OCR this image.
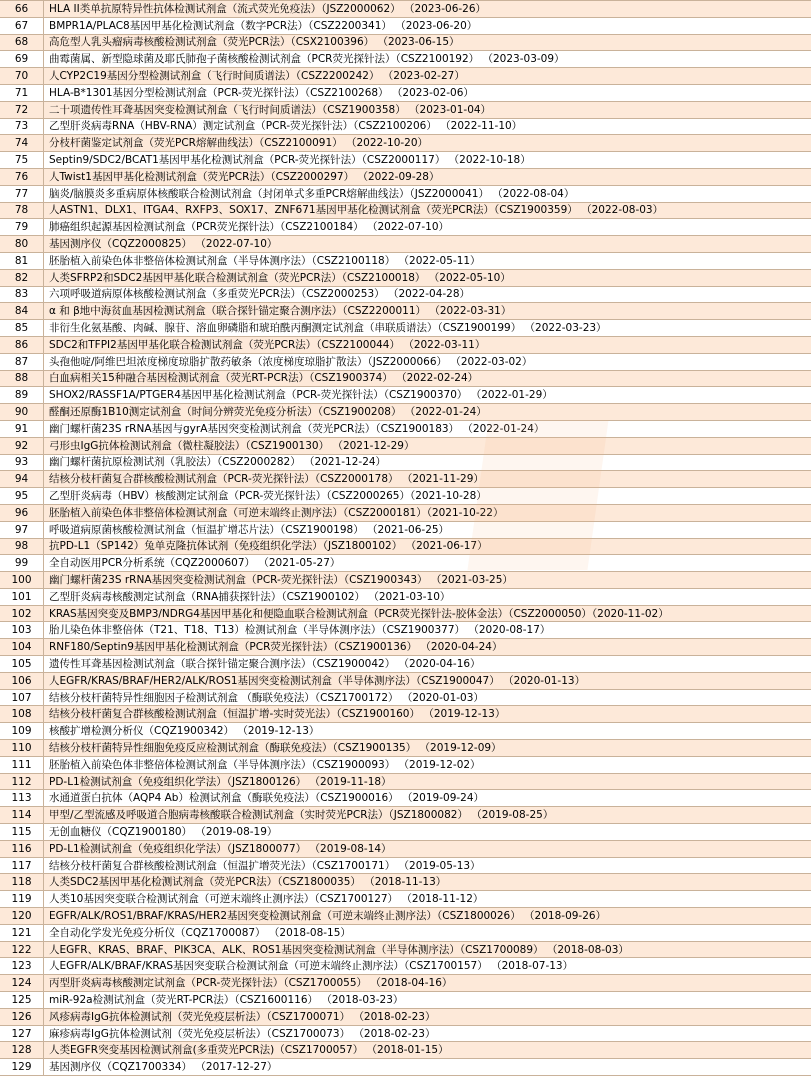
66	HLA II类单抗原特异性抗体检测试剂盒（流式荧光免疫法）（JSZ2000062） （2023-06-26）
67	BMPR1A/PLAC8基因甲基化检测试剂盒（数字PCR法）（CSZ2200341） （2023-06-20）
68	高危型人乳头瘤病毒核酸检测试剂盒（荧光PCR法）（CSX2100396） （2023-06-15）
69	曲霉菌属、新型隐球菌及耶氏肺孢子菌核酸检测试剂盒（PCR荧光探针法）（CSZ2100192） （2023-03-09）
70	人CYP2C19基因分型检测试剂盒（飞行时间质谱法）（CSZ2200242） （2023-02-27）
71	HLA-B*1301基因分型检测试剂盒（PCR-荧光探针法）（CSZ2100268） （2023-02-06）
72	二十项遗传性耳聋基因突变检测试剂盒（飞行时间质谱法）（CSZ1900358） （2023-01-04）
73	乙型肝炎病毒RNA（HBV-RNA）测定试剂盒（PCR-荧光探针法）（CSZ2100206） （2022-11-10）
74	分枝杆菌鉴定试剂盒（荧光PCR熔解曲线法）（CSZ2100091） （2022-10-20）
75	Septin9/SDC2/BCAT1基因甲基化检测试剂盒（PCR-荧光探针法）（CSZ2000117） （2022-10-18）
76	人Twist1基因甲基化检测试剂盒（荧光PCR法）（CSZ2000297） （2022-09-28）
77	脑炎/脑膜炎多重病原体核酸联合检测试剂盒（封闭单式多重PCR熔解曲线法）（JSZ2000041） （2022-08-04）
78	人ASTN1、DLX1、ITGA4、RXFP3、SOX17、ZNF671基因甲基化检测试剂盒（荧光PCR法）（CSZ1900359） （2022-08-03）
79	肺癌组织起源基因检测试剂盒（PCR荧光探针法）（CSZ2100184） （2022-07-10）
80	基因测序仪（CQZ2000825） （2022-07-10）
81	胚胎植入前染色体非整倍体检测试剂盒（半导体测序法）（CSZ2100118） （2022-05-11）
82	人类SFRP2和SDC2基因甲基化联合检测试剂盒（荧光PCR法）（CSZ2100018） （2022-05-10）
83	六项呼吸道病原体核酸检测试剂盒（多重荧光PCR法）（CSZ2000253） （2022-04-28）
84	α 和 β地中海贫血基因检测试剂盒（联合探针锚定聚合测序法）（CSZ2200011） （2022-03-31）
85	非衍生化氨基酸、肉碱、腺苷、溶血卵磷脂和琥珀酰丙酮测定试剂盒（串联质谱法）（CSZ1900199） （2022-03-23）
86	SDC2和TFPI2基因甲基化联合检测试剂盒（荧光PCR法）（CSZ2100044） （2022-03-11）
87	头孢他啶/阿维巴坦浓度梯度琼脂扩散药敏条（浓度梯度琼脂扩散法）（JSZ2000066） （2022-03-02）
88	白血病相关15种融合基因检测试剂盒（荧光RT-PCR法）（CSZ1900374） （2022-02-24）
89	SHOX2/RASSF1A/PTGER4基因甲基化检测试剂盒（PCR-荧光探针法）（CSZ1900370） （2022-01-29）
90	醛酮还原酶1B10测定试剂盒（时间分辨荧光免疫分析法）（CSZ1900208） （2022-01-24）
91	幽门螺杆菌23S rRNA基因与gyrA基因突变检测试剂盒（荧光PCR法）（CSZ1900183） （2022-01-24）
92	弓形虫IgG抗体检测试剂盒（微柱凝胶法）（CSZ1900130） （2021-12-29）
93	幽门螺杆菌抗原检测试剂（乳胶法）（CSZ2000282） （2021-12-24）
94	结核分枝杆菌复合群核酸检测试剂盒（PCR-荧光探针法）（CSZ2000178） （2021-11-29）
95	乙型肝炎病毒（HBV）核酸测定试剂盒（PCR-荧光探针法）（CSZ2000265）（2021-10-28）
96	胚胎植入前染色体非整倍体检测试剂盒（可逆末端终止测序法）（CSZ2000181）（2021-10-22）
97	呼吸道病原菌核酸检测试剂盒（恒温扩增芯片法）（CSZ1900198） （2021-06-25）
98	抗PD-L1（SP142）兔单克隆抗体试剂（免疫组织化学法）（JSZ1800102） （2021-06-17）
99	全自动医用PCR分析系统（CQZ2000607） （2021-05-27）
100	幽门螺杆菌23S rRNA基因突变检测试剂盒（PCR-荧光探针法）（CSZ1900343） （2021-03-25）
101	乙型肝炎病毒核酸测定试剂盒（RNA捕获探针法）（CSZ1900102） （2021-03-10）
102	KRAS基因突变及BMP3/NDRG4基因甲基化和便隐血联合检测试剂盒（PCR荧光探针法-胶体金法）（CSZ2000050）（2020-11-02）
103	胎儿染色体非整倍体（T21、T18、T13）检测试剂盒（半导体测序法）（CSZ1900377） （2020-08-17）
104	RNF180/Septin9基因甲基化检测试剂盒（PCR荧光探针法）（CSZ1900136） （2020-04-24）
105	遗传性耳聋基因检测试剂盒（联合探针锚定聚合测序法）（CSZ1900042） （2020-04-16）
106	人EGFR/KRAS/BRAF/HER2/ALK/ROS1基因突变检测试剂盒（半导体测序法）（CSZ1900047） （2020-01-13）
107	结核分枝杆菌特异性细胞因子检测试剂盒 （酶联免疫法）（CSZ1700172） （2020-01-03）
108	结核分枝杆菌复合群核酸检测试剂盒（恒温扩增-实时荧光法）（CSZ1900160） （2019-12-13）
109	核酸扩增检测分析仪（CQZ1900342） （2019-12-13）
110	结核分枝杆菌特异性细胞免疫反应检测试剂盒（酶联免疫法）（CSZ1900135） （2019-12-09）
111	胚胎植入前染色体非整倍体检测试剂盒（半导体测序法）（CSZ1900093） （2019-12-02）
112	PD-L1检测试剂盒（免疫组织化学法）（JSZ1800126） （2019-11-18）
113	水通道蛋白抗体（AQP4 Ab）检测试剂盒（酶联免疫法）（CSZ1900016） （2019-09-24）
114	甲型/乙型流感及呼吸道合胞病毒核酸联合检测试剂盒（实时荧光PCR法）（JSZ1800082） （2019-08-25）
115	无创血糖仪（CQZ1900180） （2019-08-19）
116	PD-L1检测试剂盒（免疫组织化学法）（JSZ1800077） （2019-08-14）
117	结核分枝杆菌复合群核酸检测试剂盒（恒温扩增荧光法）（CSZ1700171） （2019-05-13）
118	人类SDC2基因甲基化检测试剂盒（荧光PCR法）（CSZ1800035） （2018-11-13）
119	人类10基因突变联合检测试剂盒（可逆末端终止测序法）（CSZ1700127） （2018-11-12）
120	EGFR/ALK/ROS1/BRAF/KRAS/HER2基因突变检测试剂盒（可逆末端终止测序法）（CSZ1800026） （2018-09-26）
121	全自动化学发光免疫分析仪（CQZ1700087） （2018-08-15）
122	人EGFR、KRAS、BRAF、PIK3CA、ALK、ROS1基因突变检测试剂盒（半导体测序法）（CSZ1700089） （2018-08-03）
123	人EGFR/ALK/BRAF/KRAS基因突变联合检测试剂盒（可逆末端终止测序法）（CSZ1700157） （2018-07-13）
124	丙型肝炎病毒核酸测定试剂盒（PCR-荧光探针法）（CSZ1700055） （2018-04-16）
125	miR-92a检测试剂盒（荧光RT-PCR法）（CSZ1600116） （2018-03-23）
126	风疹病毒IgG抗体检测试剂（荧光免疫层析法）（CSZ1700071） （2018-02-23）
127	麻疹病毒IgG抗体检测试剂（荧光免疫层析法）（CSZ1700073） （2018-02-23）
128	人类EGFR突变基因检测试剂盒(多重荧光PCR法)（CSZ1700057） （2018-01-15）
129	基因测序仪（CQZ1700334） （2017-12-27）
